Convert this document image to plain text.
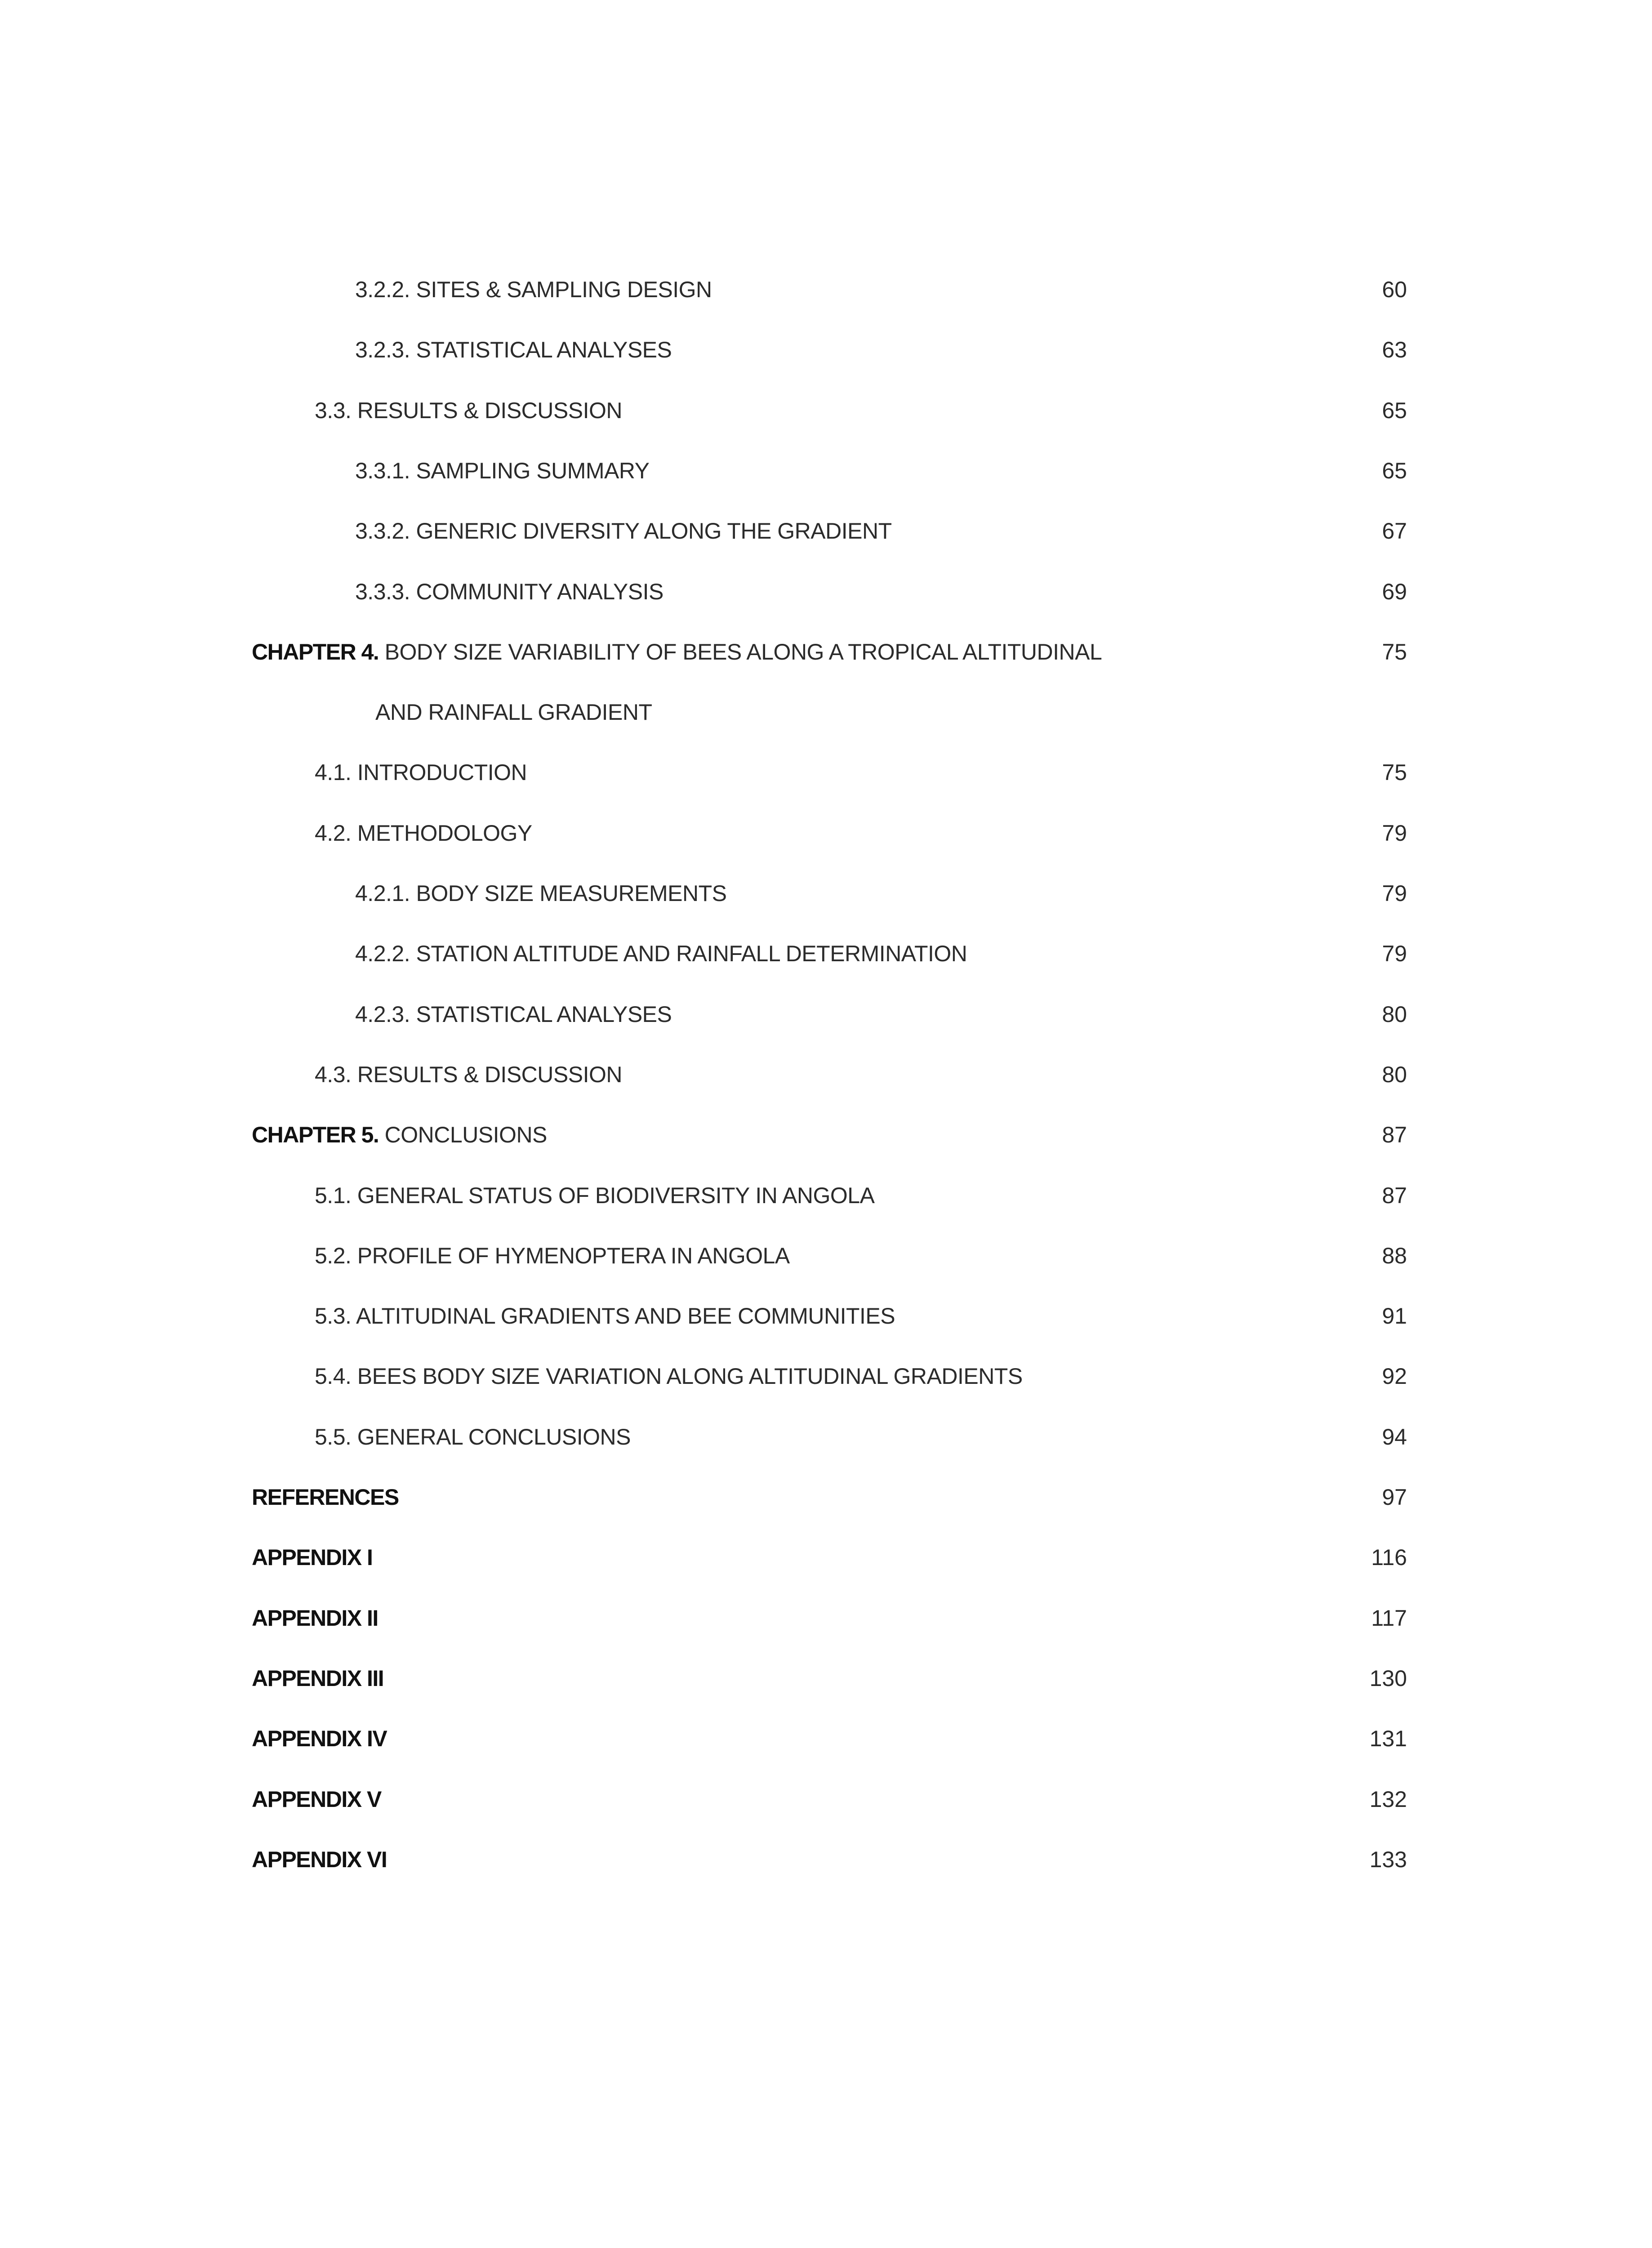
3.2.2. SITES & SAMPLING DESIGN	60
3.2.3. STATISTICAL ANALYSES	63
3.3. RESULTS & DISCUSSION	65
3.3.1. SAMPLING SUMMARY	65
3.3.2. GENERIC DIVERSITY ALONG THE GRADIENT	67
3.3.3. COMMUNITY ANALYSIS	69
CHAPTER 4. BODY SIZE VARIABILITY OF BEES ALONG A TROPICAL ALTITUDINAL	75
AND RAINFALL GRADIENT
4.1. INTRODUCTION	75
4.2. METHODOLOGY	79
4.2.1. BODY SIZE MEASUREMENTS	79
4.2.2. STATION ALTITUDE AND RAINFALL DETERMINATION	79
4.2.3. STATISTICAL ANALYSES	80
4.3. RESULTS & DISCUSSION	80
CHAPTER 5. CONCLUSIONS	87
5.1. GENERAL STATUS OF BIODIVERSITY IN ANGOLA	87
5.2. PROFILE OF HYMENOPTERA IN ANGOLA	88
5.3. ALTITUDINAL GRADIENTS AND BEE COMMUNITIES	91
5.4. BEES BODY SIZE VARIATION ALONG ALTITUDINAL GRADIENTS	92
5.5. GENERAL CONCLUSIONS	94
REFERENCES	97
APPENDIX I	116
APPENDIX II	117
APPENDIX III	130
APPENDIX IV	131
APPENDIX V	132
APPENDIX VI	133
